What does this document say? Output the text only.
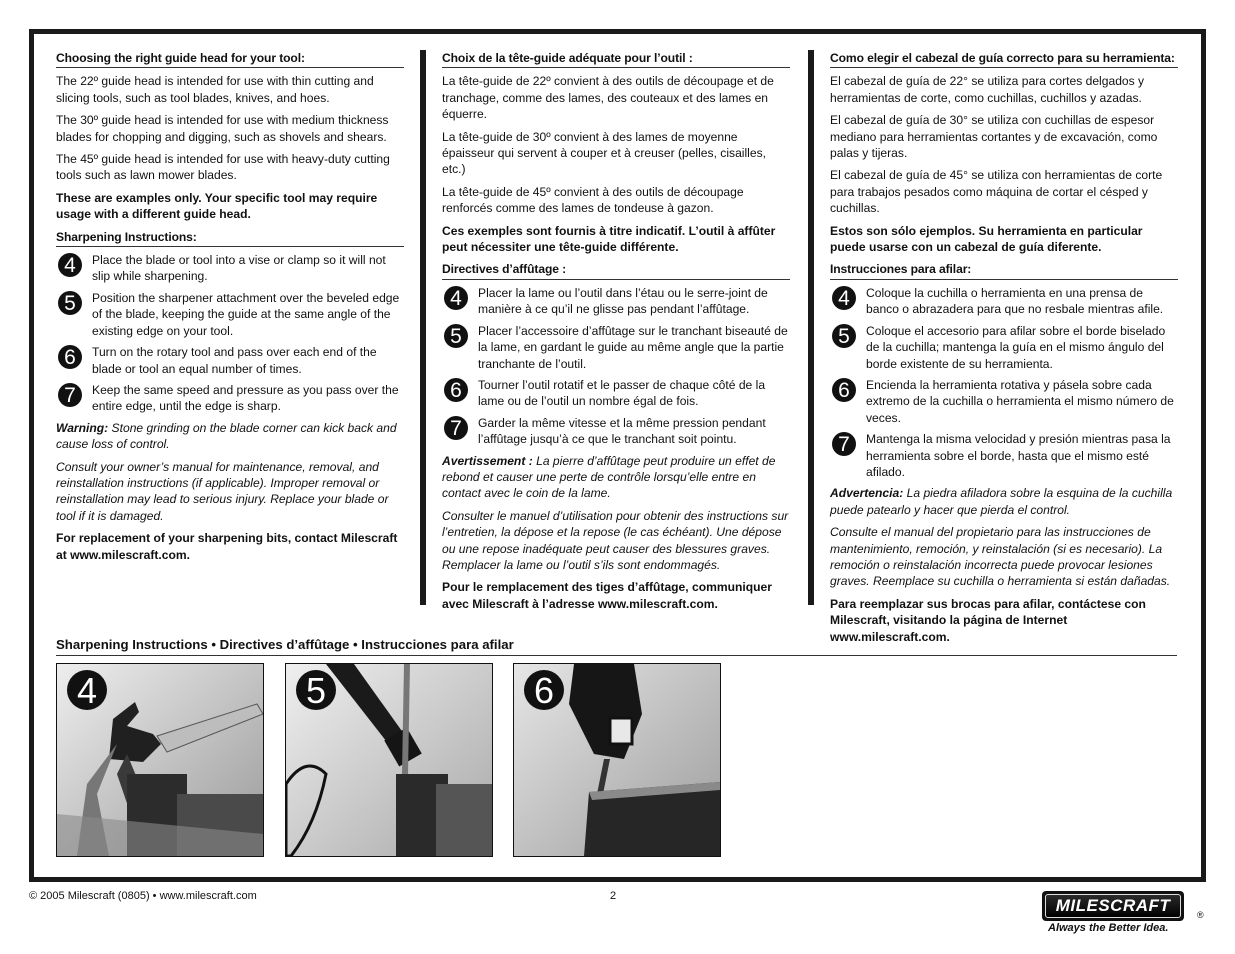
Choosing the right guide head for your tool:
The 22º guide head is intended for use with thin cutting and slicing tools, such as tool blades, knives, and hoes.
The 30º guide head is intended for use with medium thickness blades for chopping and digging, such as shovels and shears.
The 45º guide head is intended for use with heavy-duty cutting tools such as lawn mower blades.
These are examples only. Your specific tool may require usage with a different guide head.
Sharpening Instructions:
4	Place the blade or tool into a vise or clamp so it will not slip while sharpening.
5	Position the sharpener attachment over the beveled edge of the blade, keeping the guide at the same angle of the existing edge on your tool.
6	Turn on the rotary tool and pass over each end of the blade or tool an equal number of times.
7	Keep the same speed and pressure as you pass over the entire edge, until the edge is sharp.
Warning: Stone grinding on the blade corner can kick back and cause loss of control.
Consult your owner’s manual for maintenance, removal, and reinstallation instructions (if applicable). Improper removal or reinstallation may lead to serious injury. Replace your blade or tool if it is damaged.
For replacement of your sharpening bits, contact Milescraft at www.milescraft.com.
Choix de la tête-guide adéquate pour l’outil :
La tête-guide de 22º convient à des outils de découpage et de tranchage, comme des lames, des couteaux et des lames en équerre.
La tête-guide de 30º convient à des lames de moyenne épaisseur qui servent à couper et à creuser (pelles, cisailles, etc.)
La tête-guide de 45º convient à des outils de découpage renforcés comme des lames de tondeuse à gazon.
Ces exemples sont fournis à titre indicatif. L’outil à affûter peut nécessiter une tête-guide différente.
Directives d’affûtage :
4	Placer la lame ou l’outil dans l’étau ou le serre-joint de manière à ce qu’il ne glisse pas pendant l’affûtage.
5	Placer l’accessoire d’affûtage sur le tranchant biseauté de la lame, en gardant le guide au même angle que la partie tranchante de l’outil.
6	Tourner l’outil rotatif et le passer de chaque côté de la lame ou de l’outil un nombre égal de fois.
7	Garder la même vitesse et la même pression pendant l’affûtage jusqu’à ce que le tranchant soit pointu.
Avertissement : La pierre d’affûtage peut produire un effet de rebond et causer une perte de contrôle lorsqu’elle entre en contact avec le coin de la lame.
Consulter le manuel d’utilisation pour obtenir des instructions sur l’entretien, la dépose et la repose (le cas échéant). Une dépose ou une repose inadéquate peut causer des blessures graves. Remplacer la lame ou l’outil s’ils sont endommagés.
Pour le remplacement des tiges d’affûtage, communiquer avec Milescraft à l’adresse www.milescraft.com.
Como elegir el cabezal de guía correcto para su herramienta:
El cabezal de guía de 22° se utiliza para cortes delgados y herramientas de corte, como cuchillas, cuchillos y azadas.
El cabezal de guía de 30° se utiliza con cuchillas de espesor mediano para herramientas cortantes y de excavación, como palas y tijeras.
El cabezal de guía de 45° se utiliza con herramientas de corte para trabajos pesados como máquina de cortar el césped y cuchillas.
Estos son sólo ejemplos. Su herramienta en particular puede usarse con un cabezal de guía diferente.
Instrucciones para afilar:
4	Coloque la cuchilla o herramienta en una prensa de banco o abrazadera para que no resbale mientras afile.
5	Coloque el accesorio para afilar sobre el borde biselado de la cuchilla; mantenga la guía en el mismo ángulo del borde existente de su herramienta.
6	Encienda la herramienta rotativa y pásela sobre cada extremo de la cuchilla o herramienta el mismo número de veces.
7	Mantenga la misma velocidad y presión mientras pasa la herramienta sobre el borde, hasta que el mismo esté afilado.
Advertencia: La piedra afiladora sobre la esquina de la cuchilla puede patearlo y hacer que pierda el control.
Consulte el manual del propietario para las instrucciones de mantenimiento, remoción, y reinstalación (si es necesario). La remoción o reinstalación incorrecta puede provocar lesiones graves. Reemplace su cuchilla o herramienta si están dañadas.
Para reemplazar sus brocas para afilar, contáctese con Milescraft, visitando la página de Internet www.milescraft.com.
Sharpening Instructions • Directives d’affûtage • Instrucciones para afilar
4	5	6
© 2005 Milescraft (0805) • www.milescraft.com	2	MILESCRAFT	®
Always the Better Idea.
